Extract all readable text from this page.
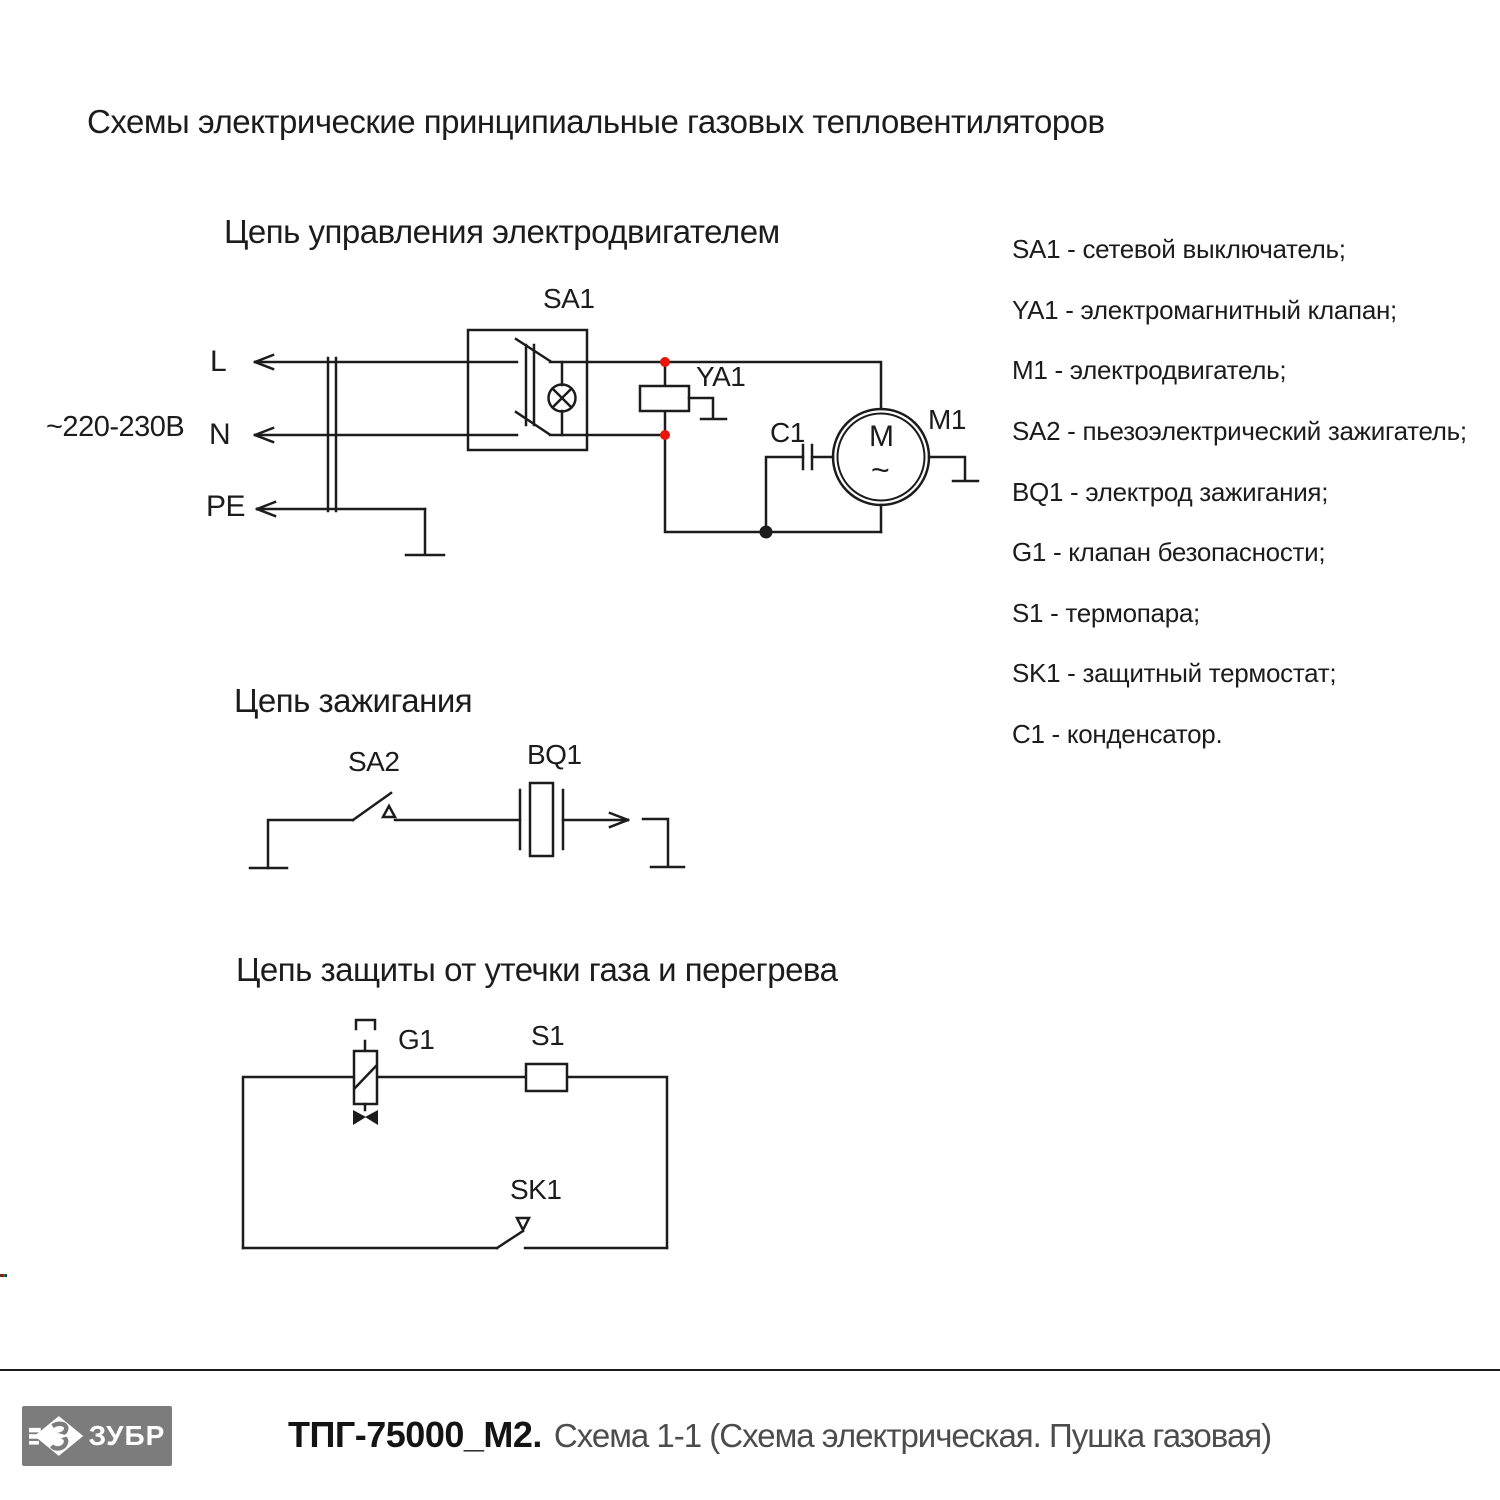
Схемы электрические принципиальные газовых тепловентиляторов
Цепь управления электродвигателем
~220-230В
L
N
PE
SA1
YA1
C1 M
~
M1
Цепь зажигания
SA2	BQ1
Цепь защиты от утечки газа и перегрева
G1	S1
SK1
SA1 - сетевой выключатель;
YA1 - электромагнитный клапан;
M1 - электродвигатель;
SA2 - пьезоэлектрический зажигатель;
BQ1 - электрод зажигания;
G1 - клапан безопасности;
S1 - термопара;
SK1 - защитный термостат;
C1 - конденсатор.
ЗУБР	ТПГ-75000_М2. Схема 1-1 (Схема электрическая. Пушка газовая)
